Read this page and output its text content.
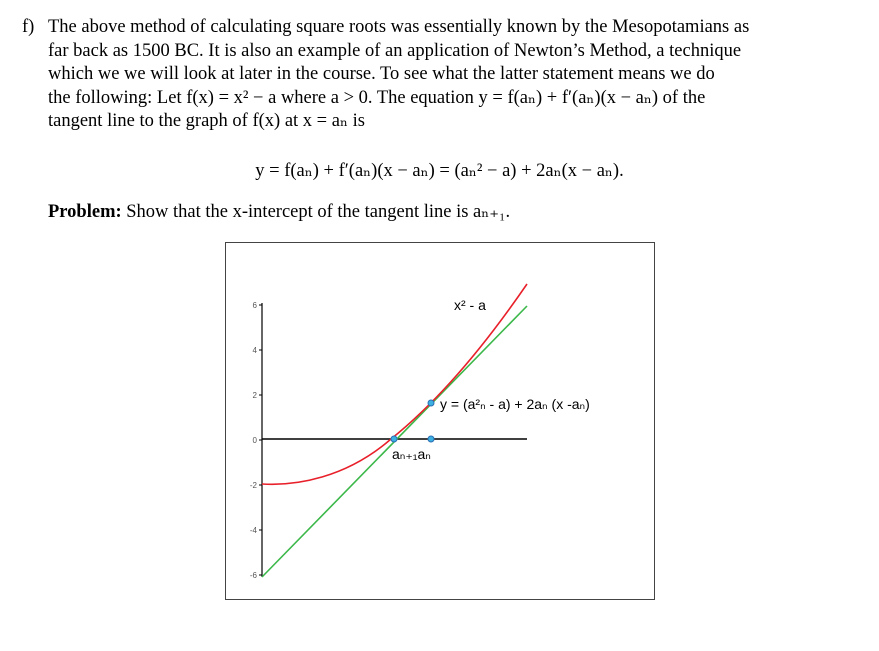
f) The above method of calculating square roots was essentially known by the Mesopotamians as
far back as 1500 BC. It is also an example of an application of Newton’s Method, a technique
which we we will look at later in the course. To see what the latter statement means we do
the following: Let f(x) = x² − a where a > 0. The equation y = f(aₙ) + f′(aₙ)(x − aₙ) of the
tangent line to the graph of f(x) at x = aₙ is
y = f(aₙ) + f′(aₙ)(x − aₙ) = (aₙ² − a) + 2aₙ(x − aₙ).
Problem: Show that the x-intercept of the tangent line is aₙ₊₁.
6
4
2
0
-2
-4
-6
x² - a
y = (a²ₙ - a) + 2aₙ (x -aₙ)
aₙ₊₁aₙ
